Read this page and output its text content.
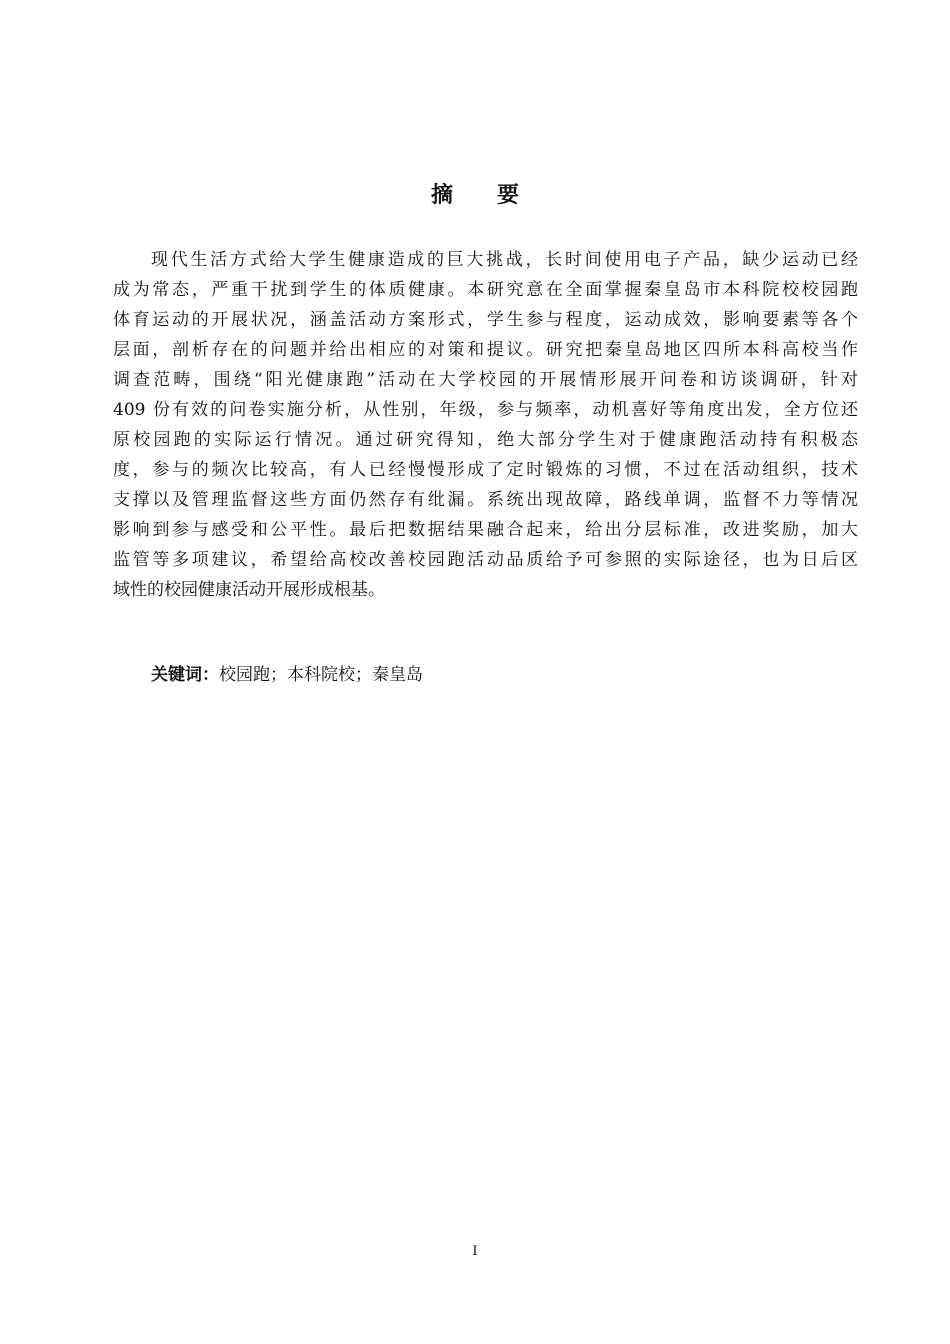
摘 要

现代生活方式给大学生健康造成的巨大挑战，长时间使用电子产品，缺少运动已经
成为常态，严重干扰到学生的体质健康。本研究意在全面掌握秦皇岛市本科院校校园跑
体育运动的开展状况，涵盖活动方案形式，学生参与程度，运动成效，影响要素等各个
层面，剖析存在的问题并给出相应的对策和提议。研究把秦皇岛地区四所本科高校当作
调查范畴，围绕“阳光健康跑”活动在大学校园的开展情形展开问卷和访谈调研，针对
409 份有效的问卷实施分析，从性别，年级，参与频率，动机喜好等角度出发，全方位还
原校园跑的实际运行情况。通过研究得知，绝大部分学生对于健康跑活动持有积极态
度，参与的频次比较高，有人已经慢慢形成了定时锻炼的习惯，不过在活动组织，技术
支撑以及管理监督这些方面仍然存有纰漏。系统出现故障，路线单调，监督不力等情况
影响到参与感受和公平性。最后把数据结果融合起来，给出分层标准，改进奖励，加大
监管等多项建议，希望给高校改善校园跑活动品质给予可参照的实际途径，也为日后区
域性的校园健康活动开展形成根基。

关键词：校园跑；本科院校；秦皇岛
I
